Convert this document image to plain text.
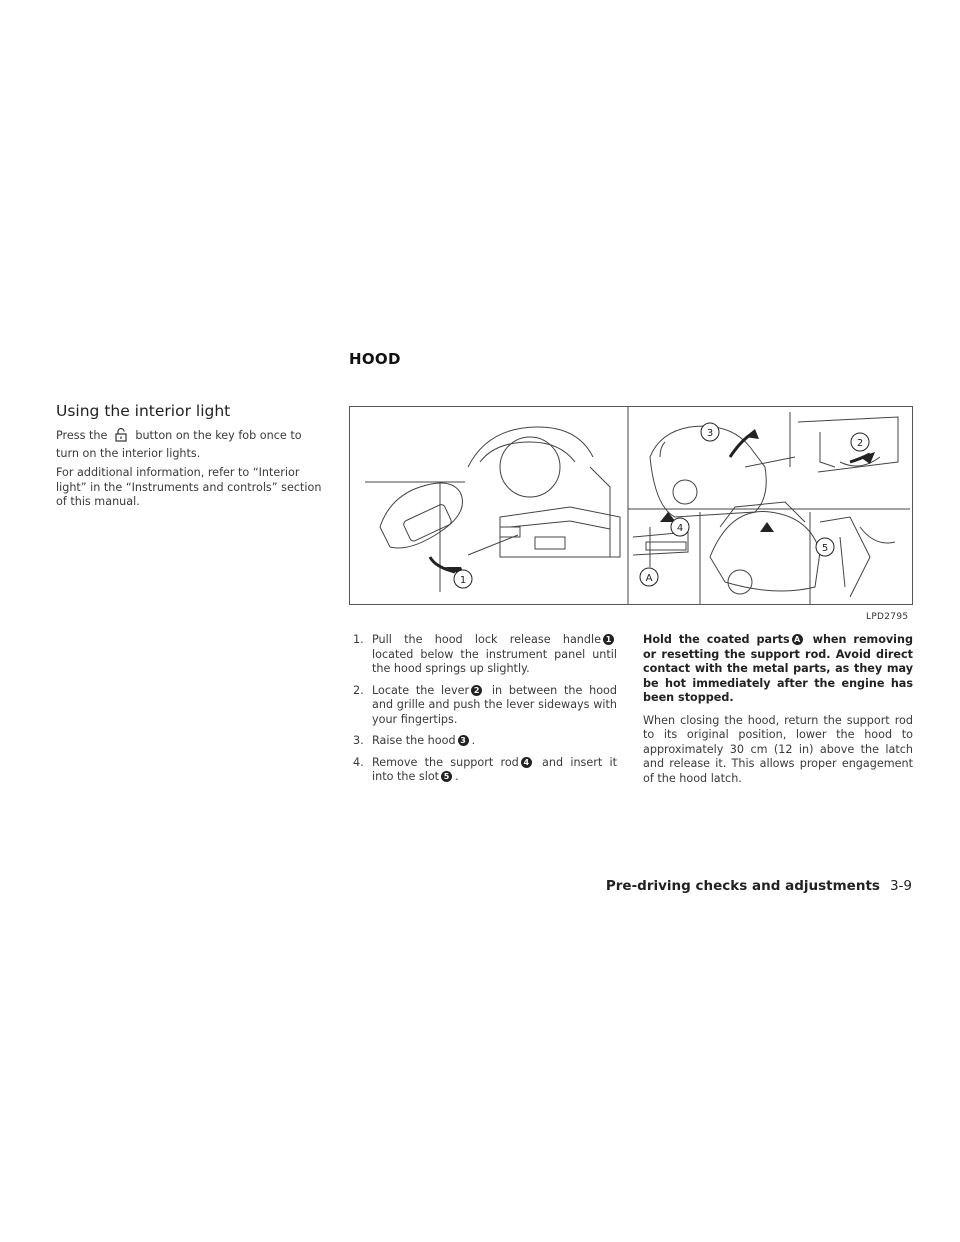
HOOD
Using the interior light

Press the	button on the key fob once to turn on the interior lights.

For additional information, refer to “Interior light” in the “Instruments and controls” section of this manual.

1
2
3
4
5
A
LPD2795
1. Pull the hood lock release handle 1 located below the instrument panel until the hood springs up slightly.
2. Locate the lever 2 in between the hood and grille and push the lever sideways with your fingertips.
3. Raise the hood 3 .
4. Remove the support rod 4 and insert it into the slot 5 .

Hold the coated parts A when removing or resetting the support rod. Avoid direct contact with the metal parts, as they may be hot immediately after the engine has been stopped.

When closing the hood, return the support rod to its original position, lower the hood to approximately 30 cm (12 in) above the latch and release it. This allows proper engagement of the hood latch.

Pre-driving checks and adjustments 3-9
